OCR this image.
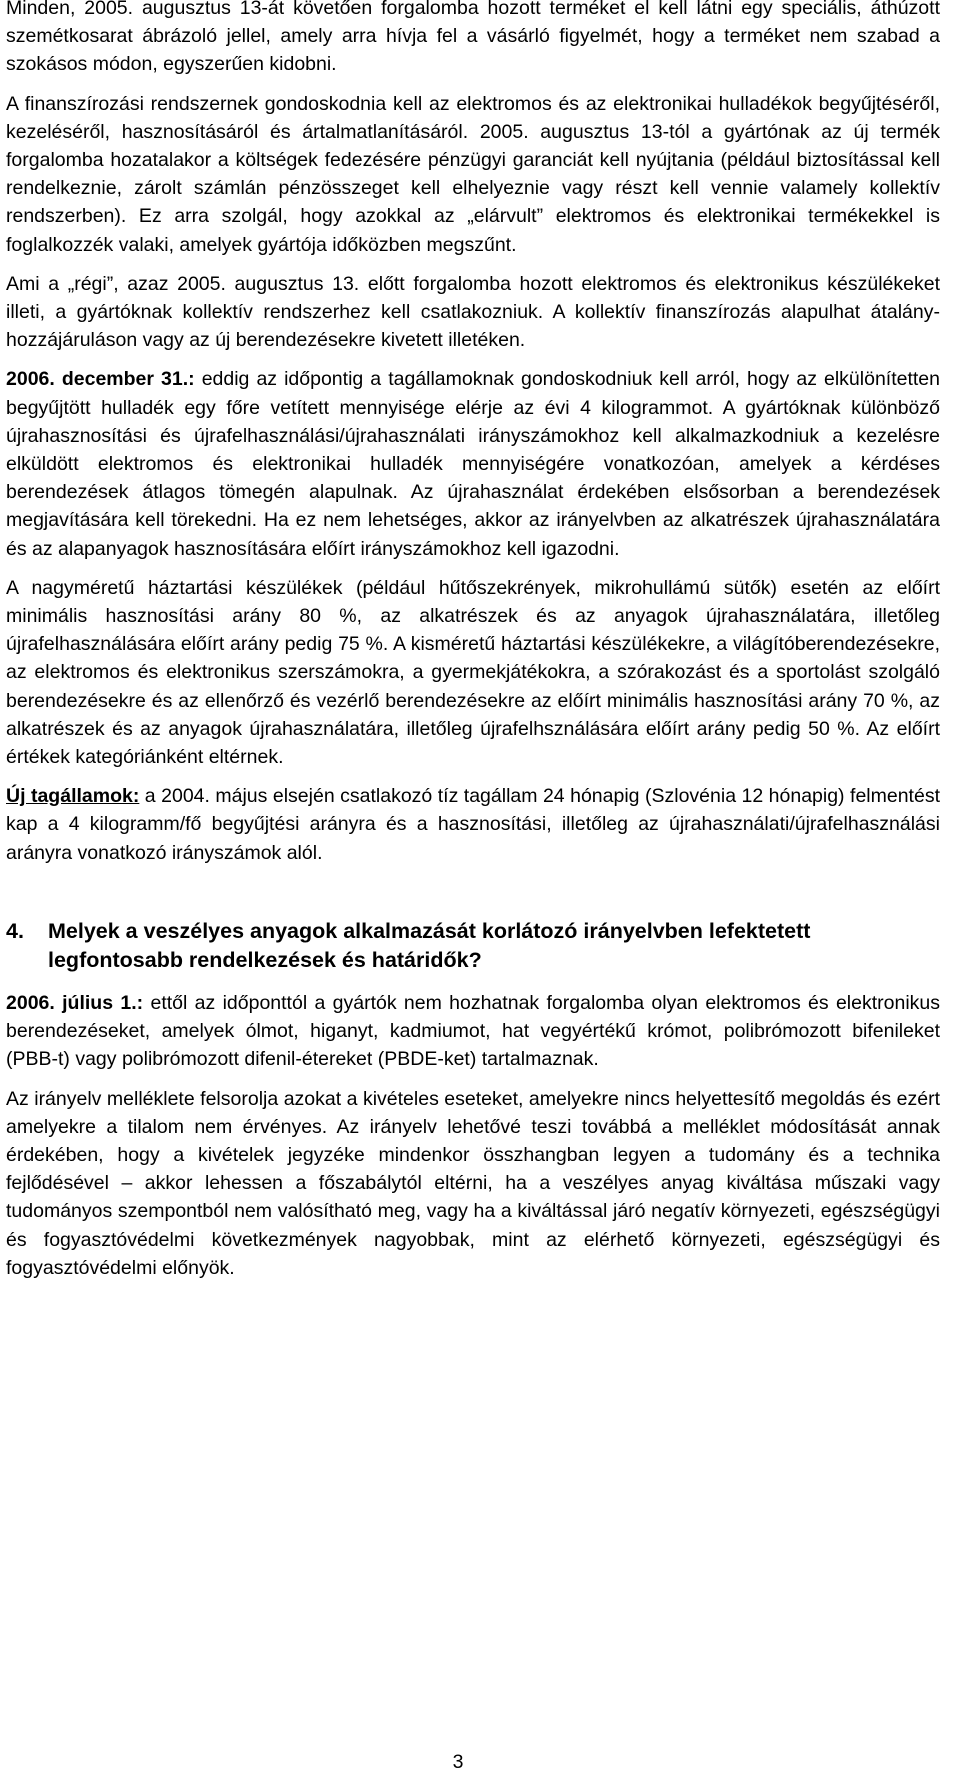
Minden, 2005. augusztus 13-át követően forgalomba hozott terméket el kell látni egy speciális, áthúzott szemétkosarat ábrázoló jellel, amely arra hívja fel a vásárló figyelmét, hogy a terméket nem szabad a szokásos módon, egyszerűen kidobni.

A finanszírozási rendszernek gondoskodnia kell az elektromos és az elektronikai hulladékok begyűjtéséről, kezeléséről, hasznosításáról és ártalmatlanításáról. 2005. augusztus 13-tól a gyártónak az új termék forgalomba hozatalakor a költségek fedezésére pénzügyi garanciát kell nyújtania (például biztosítással kell rendelkeznie, zárolt számlán pénzösszeget kell elhelyeznie vagy részt kell vennie valamely kollektív rendszerben). Ez arra szolgál, hogy azokkal az „elárvult” elektromos és elektronikai termékekkel is foglalkozzék valaki, amelyek gyártója időközben megszűnt.

Ami a „régi”, azaz 2005. augusztus 13. előtt forgalomba hozott elektromos és elektronikus készülékeket illeti, a gyártóknak kollektív rendszerhez kell csatlakozniuk. A kollektív finanszírozás alapulhat átalány-hozzájáruláson vagy az új berendezésekre kivetett illetéken.

2006. december 31.: eddig az időpontig a tagállamoknak gondoskodniuk kell arról, hogy az elkülönítetten begyűjtött hulladék egy főre vetített mennyisége elérje az évi 4 kilogrammot. A gyártóknak különböző újrahasznosítási és újrafelhasználási/újrahasználati irányszámokhoz kell alkalmazkodniuk a kezelésre elküldött elektromos és elektronikai hulladék mennyiségére vonatkozóan, amelyek a kérdéses berendezések átlagos tömegén alapulnak. Az újrahasználat érdekében elsősorban a berendezések megjavítására kell törekedni. Ha ez nem lehetséges, akkor az irányelvben az alkatrészek újrahasználatára és az alapanyagok hasznosítására előírt irányszámokhoz kell igazodni.

A nagyméretű háztartási készülékek (például hűtőszekrények, mikrohullámú sütők) esetén az előírt minimális hasznosítási arány 80 %, az alkatrészek és az anyagok újrahasználatára, illetőleg újrafelhasználására előírt arány pedig 75 %. A kisméretű háztartási készülékekre, a világítóberendezésekre, az elektromos és elektronikus szerszámokra, a gyermekjátékokra, a szórakozást és a sportolást szolgáló berendezésekre és az ellenőrző és vezérlő berendezésekre az előírt minimális hasznosítási arány 70 %, az alkatrészek és az anyagok újrahasználatára, illetőleg újrafelhsználására előírt arány pedig 50 %. Az előírt értékek kategóriánként eltérnek.

Új tagállamok: a 2004. május elsején csatlakozó tíz tagállam 24 hónapig (Szlovénia 12 hónapig) felmentést kap a 4 kilogramm/fő begyűjtési arányra és a hasznosítási, illetőleg az újrahasználati/újrafelhasználási arányra vonatkozó irányszámok alól.

4. Melyek a veszélyes anyagok alkalmazását korlátozó irányelvben lefektetett legfontosabb rendelkezések és határidők?

2006. július 1.: ettől az időponttól a gyártók nem hozhatnak forgalomba olyan elektromos és elektronikus berendezéseket, amelyek ólmot, higanyt, kadmiumot, hat vegyértékű krómot, polibrómozott bifenileket (PBB-t) vagy polibrómozott difenil-étereket (PBDE-ket) tartalmaznak.

Az irányelv melléklete felsorolja azokat a kivételes eseteket, amelyekre nincs helyettesítő megoldás és ezért amelyekre a tilalom nem érvényes. Az irányelv lehetővé teszi továbbá a melléklet módosítását annak érdekében, hogy a kivételek jegyzéke mindenkor összhangban legyen a tudomány és a technika fejlődésével – akkor lehessen a főszabálytól eltérni, ha a veszélyes anyag kiváltása műszaki vagy tudományos szempontból nem valósítható meg, vagy ha a kiváltással járó negatív környezeti, egészségügyi és fogyasztóvédelmi következmények nagyobbak, mint az elérhető környezeti, egészségügyi és fogyasztóvédelmi előnyök.

3
